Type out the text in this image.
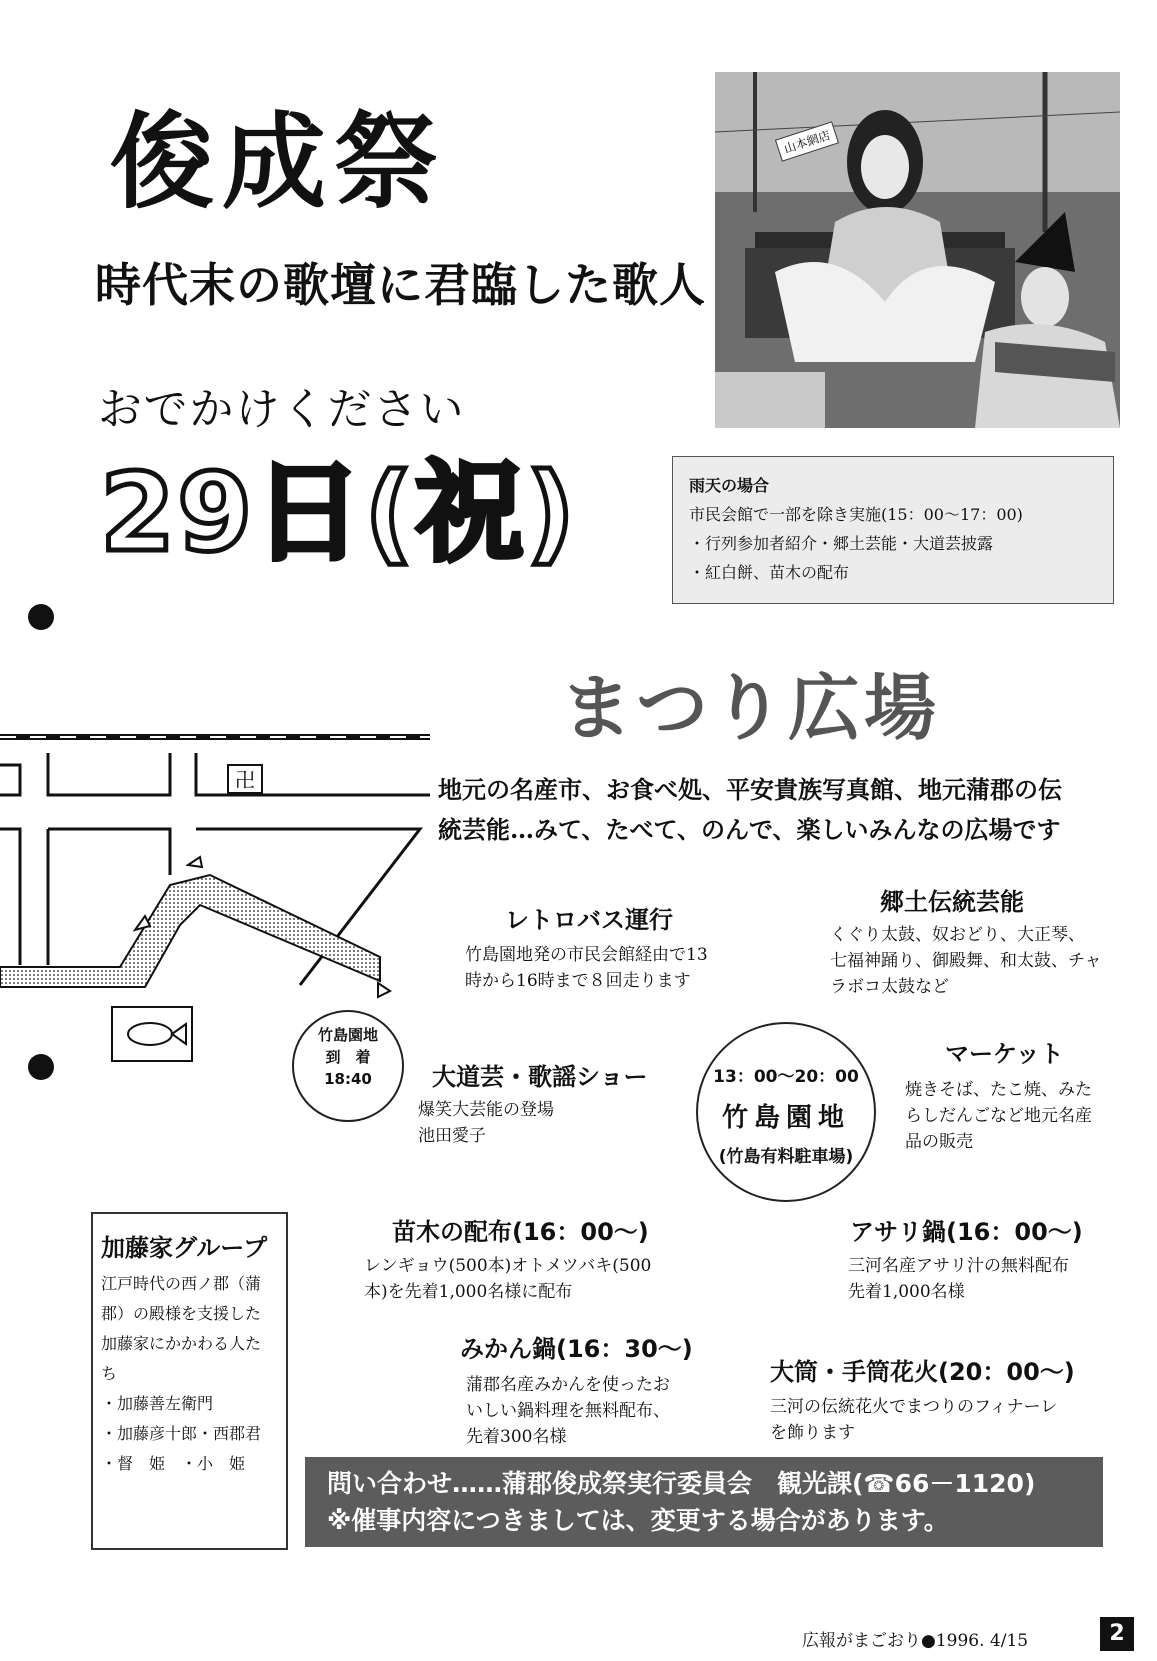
俊成祭
時代末の歌壇に君臨した歌人
おでかけください
29日(祝)
山本網店
雨天の場合
市民会館で一部を除き実施(15：00〜17：00)
・行列参加者紹介・郷土芸能・大道芸披露
・紅白餅、苗木の配布
まつり広場
地元の名産市、お食べ処、平安貴族写真館、地元蒲郡の伝
統芸能…みて、たべて、のんで、楽しいみんなの広場です
卍
竹島園地
到　着
18:40
レトロバス運行
竹島園地発の市民会館経由で13
時から16時まで８回走ります
郷土伝統芸能
くぐり太鼓、奴おどり、大正琴、
七福神踊り、御殿舞、和太鼓、チャ
ラボコ太鼓など
13：00〜20：00
竹島園地
(竹島有料駐車場)
大道芸・歌謡ショー
爆笑大芸能の登場
池田愛子
マーケット
焼きそば、たこ焼、みた
らしだんごなど地元名産
品の販売
苗木の配布(16：00〜)
レンギョウ(500本)オトメツバキ(500
本)を先着1,000名様に配布
アサリ鍋(16：00〜)
三河名産アサリ汁の無料配布
先着1,000名様
みかん鍋(16：30〜)
蒲郡名産みかんを使ったお
いしい鍋料理を無料配布、
先着300名様
大筒・手筒花火(20：00〜)
三河の伝統花火でまつりのフィナーレ
を飾ります
加藤家グループ
江戸時代の西ノ郡（蒲
郡）の殿様を支援した
加藤家にかかわる人た
ち
・加藤善左衛門
・加藤彦十郎・西郡君
・督　姫　・小　姫
問い合わせ……蒲郡俊成祭実行委員会　観光課(☎66－1120)
※催事内容につきましては、変更する場合があります。
広報がまごおり●1996. 4/15	2
